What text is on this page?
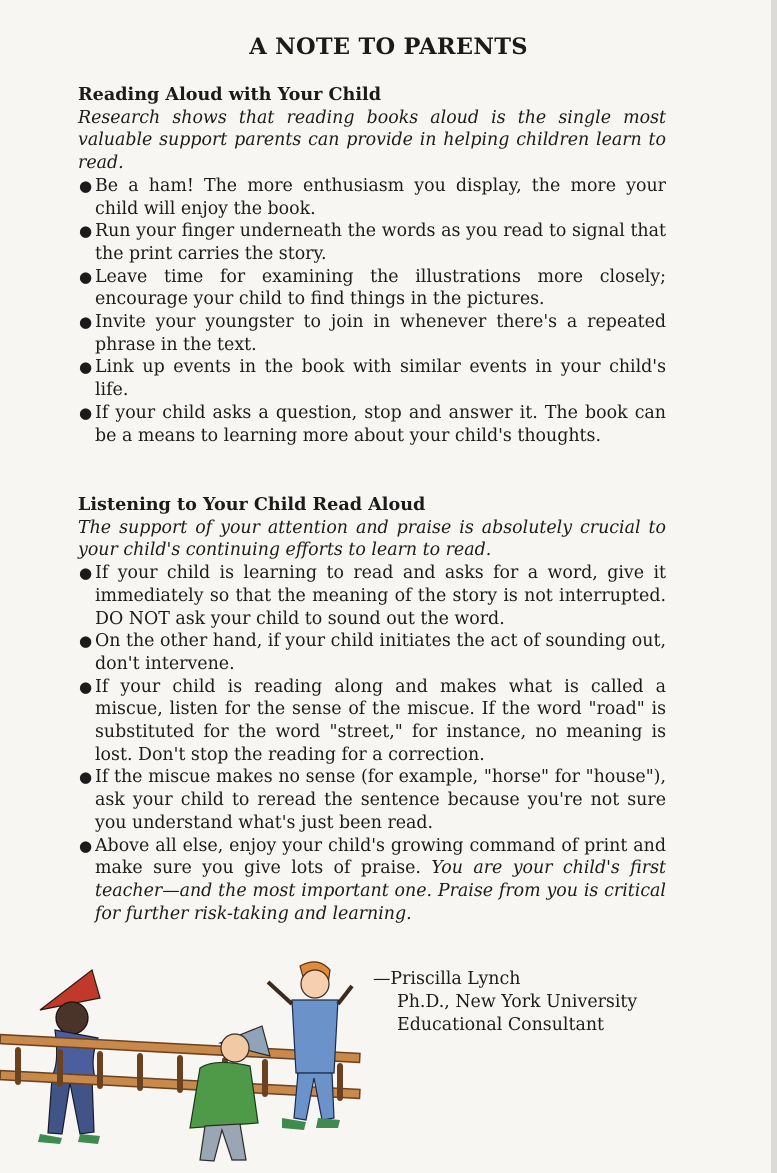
A NOTE TO PARENTS
Reading Aloud with Your Child
Research shows that reading books aloud is the single most valuable support parents can provide in helping children learn to read.
● Be a ham! The more enthusiasm you display, the more your child will enjoy the book.
● Run your finger underneath the words as you read to signal that the print carries the story.
● Leave time for examining the illustrations more closely; encourage your child to find things in the pictures.
● Invite your youngster to join in whenever there's a repeated phrase in the text.
● Link up events in the book with similar events in your child's life.
● If your child asks a question, stop and answer it. The book can be a means to learning more about your child's thoughts.
Listening to Your Child Read Aloud
The support of your attention and praise is absolutely crucial to your child's continuing efforts to learn to read.
● If your child is learning to read and asks for a word, give it immediately so that the meaning of the story is not interrupted. DO NOT ask your child to sound out the word.
● On the other hand, if your child initiates the act of sounding out, don't intervene.
● If your child is reading along and makes what is called a miscue, listen for the sense of the miscue. If the word "road" is substituted for the word "street," for instance, no meaning is lost. Don't stop the reading for a correction.
● If the miscue makes no sense (for example, "horse" for "house"), ask your child to reread the sentence because you're not sure you understand what's just been read.
● Above all else, enjoy your child's growing command of print and make sure you give lots of praise. You are your child's first teacher—and the most important one. Praise from you is critical for further risk-taking and learning.
—Priscilla Lynch
Ph.D., New York University
Educational Consultant
